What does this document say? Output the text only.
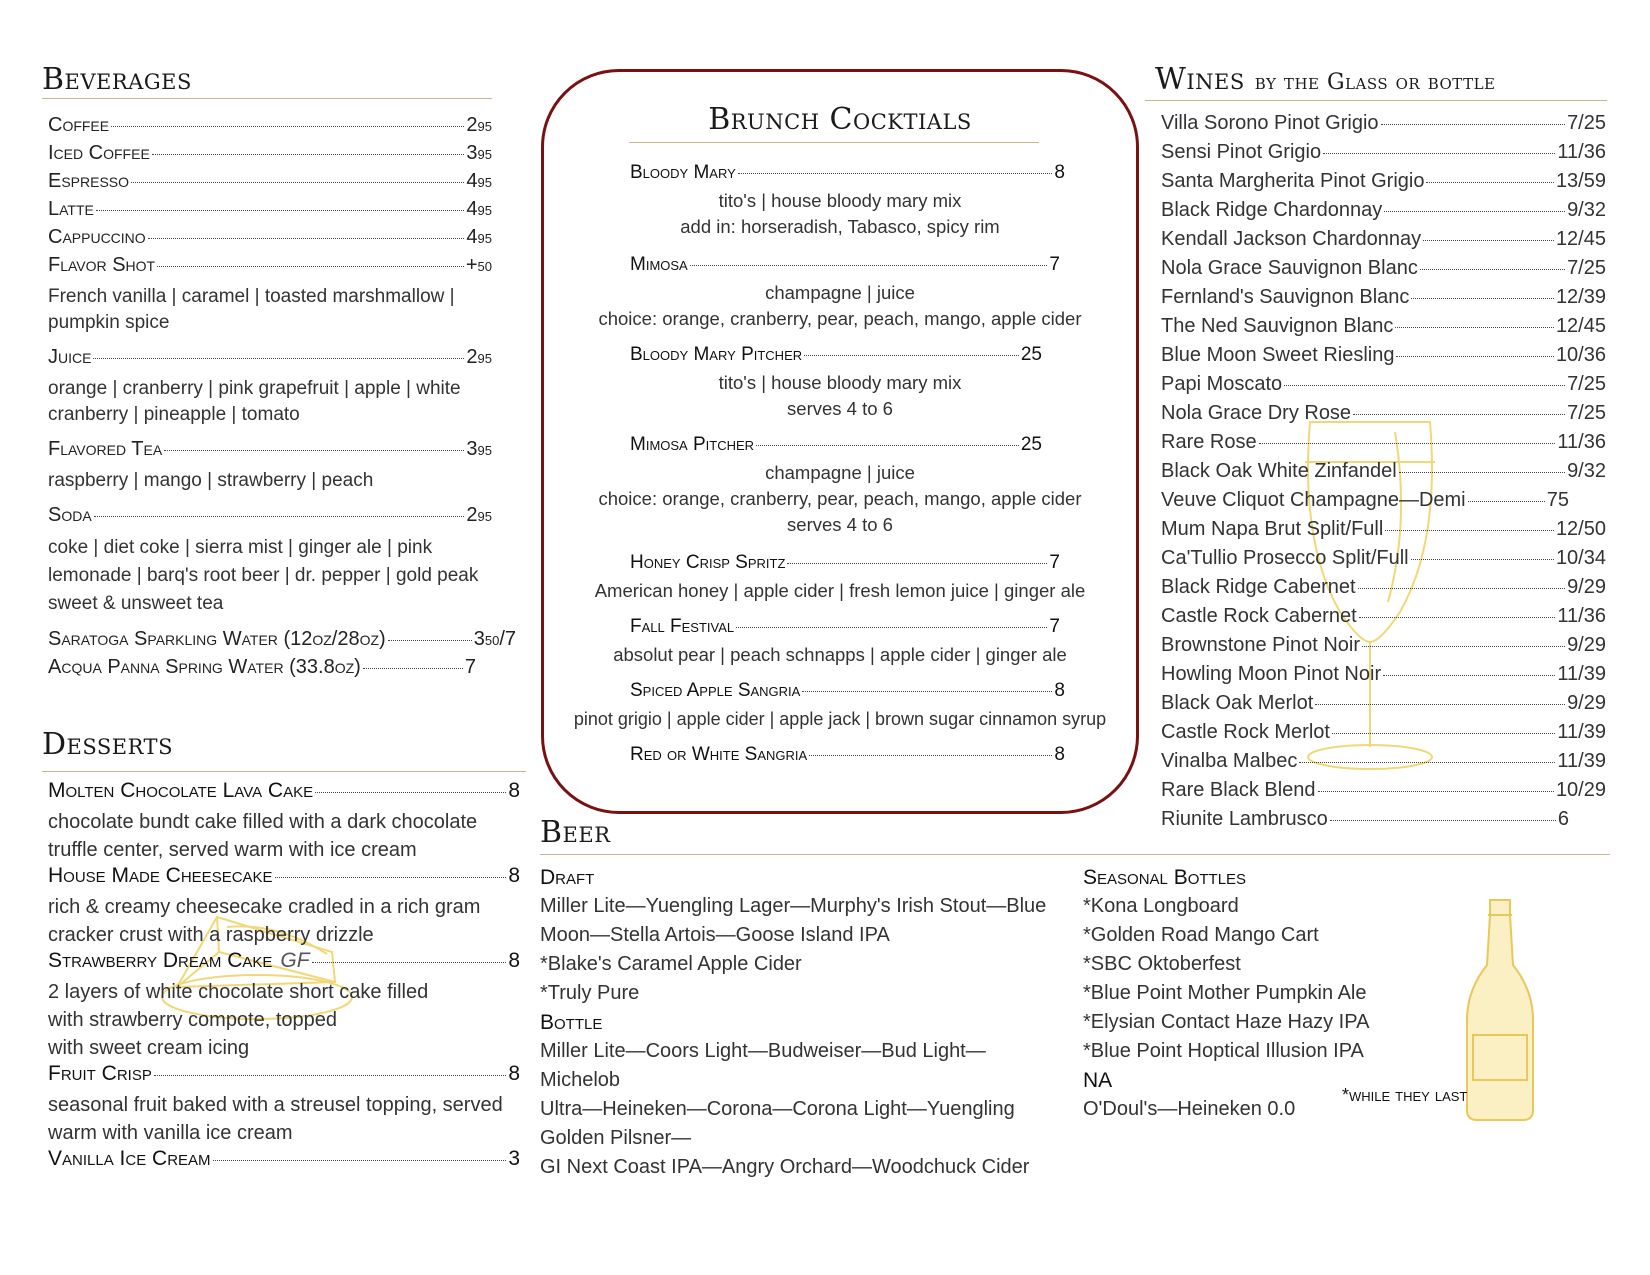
Beverages
Coffee	2 95
Iced Coffee	3 95
Espresso	4 95
Latte	4 95
Cappuccino	4 95
Flavor Shot	+ 50
French vanilla | caramel | toasted marshmallow | pumpkin spice
Juice	2 95
orange | cranberry | pink grapefruit | apple | white cranberry | pineapple | tomato
Flavored Tea	3 95
raspberry | mango | strawberry | peach
Soda	2 95
coke | diet coke | sierra mist | ginger ale | pink lemonade | barq's root beer | dr. pepper | gold peak sweet & unsweet tea
Saratoga Sparkling Water (12oz/28oz)	3 50 /7
Acqua Panna Spring Water (33.8oz)	7
Desserts
Molten Chocolate Lava Cake	8
chocolate bundt cake filled with a dark chocolate truffle center, served warm with ice cream
House Made Cheesecake	8
rich & creamy cheesecake cradled in a rich gram cracker crust with a raspberry drizzle
Strawberry Dream Cake GF	8
2 layers of white chocolate short cake filled
with strawberry compote, topped
with sweet cream icing
Fruit Crisp	8
seasonal fruit baked with a streusel topping, served warm with vanilla ice cream
Vanilla Ice Cream	3
Brunch Cocktials
Bloody Mary	8
tito's | house bloody mary mix
add in: horseradish, Tabasco, spicy rim
Mimosa	7
champagne | juice
choice: orange, cranberry, pear, peach, mango, apple cider
Bloody Mary Pitcher	25
tito's | house bloody mary mix
serves 4 to 6
Mimosa Pitcher	25
champagne | juice
choice: orange, cranberry, pear, peach, mango, apple cider
serves 4 to 6
Honey Crisp Spritz	7
American honey | apple cider | fresh lemon juice | ginger ale
Fall Festival	7
absolut pear | peach schnapps | apple cider | ginger ale
Spiced Apple Sangria	8
pinot grigio | apple cider | apple jack | brown sugar cinnamon syrup
Red or White Sangria	8
Wines by the Glass or bottle
Villa Sorono Pinot Grigio	7/25
Sensi Pinot Grigio	11/36
Santa Margherita Pinot Grigio	13/59
Black Ridge Chardonnay	9/32
Kendall Jackson Chardonnay	12/45
Nola Grace Sauvignon Blanc	7/25
Fernland's Sauvignon Blanc	12/39
The Ned Sauvignon Blanc	12/45
Blue Moon Sweet Riesling	10/36
Papi Moscato	7/25
Nola Grace Dry Rose	7/25
Rare Rose	11/36
Black Oak White Zinfandel	9/32
Veuve Cliquot Champagne—Demi	75
Mum Napa Brut Split/Full	12/50
Ca'Tullio Prosecco Split/Full	10/34
Black Ridge Cabernet	9/29
Castle Rock Cabernet	11/36
Brownstone Pinot Noir	9/29
Howling Moon Pinot Noir	11/39
Black Oak Merlot	9/29
Castle Rock Merlot	11/39
Vinalba Malbec	11/39
Rare Black Blend	10/29
Riunite Lambrusco	6
Beer
Draft
Miller Lite—Yuengling Lager—Murphy's Irish Stout—Blue
Moon—Stella Artois—Goose Island IPA
*Blake's Caramel Apple Cider
*Truly Pure
Bottle
Miller Lite—Coors Light—Budweiser—Bud Light—Michelob
Ultra—Heineken—Corona—Corona Light—Yuengling
Golden Pilsner—
GI Next Coast IPA—Angry Orchard—Woodchuck Cider
Seasonal Bottles
*Kona Longboard
*Golden Road Mango Cart
*SBC Oktoberfest
*Blue Point Mother Pumpkin Ale
*Elysian Contact Haze Hazy IPA
*Blue Point Hoptical Illusion IPA
NA
O'Doul's—Heineken 0.0
*while they last
